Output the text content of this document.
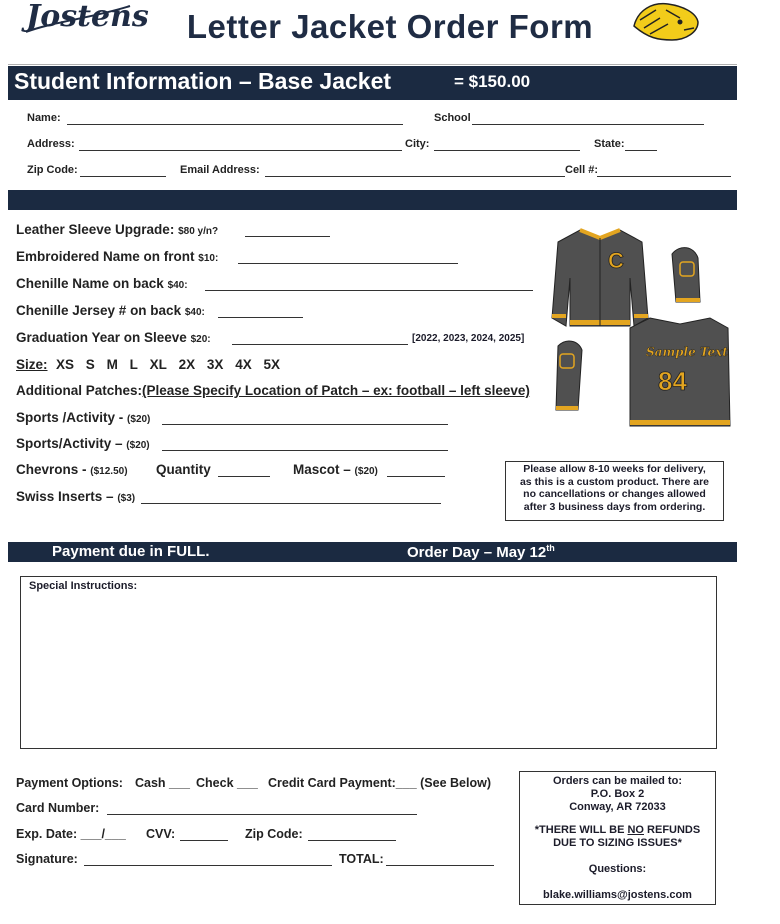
Jostens	Letter Jacket Order Form
Student Information – Base Jacket	= $150.00
Name:	School
Address:	City:	State:
Zip Code:	Email Address:	Cell #:
Leather Sleeve Upgrade: $80 y/n?
Embroidered Name on front $10:
Chenille Name on back $40:
Chenille Jersey # on back $40:
Graduation Year on Sleeve $20:	[2022, 2023, 2024, 2025]
Size: XS S M L XL 2X 3X 4X 5X
Additional Patches:(Please Specify Location of Patch – ex: football – left sleeve)
Sports /Activity - ($20)
Sports/Activity – ($20)
Chevrons - ($12.50) Quantity	Mascot – ($20)
Swiss Inserts – ($3)
C
Sample Text
84
Please allow 8-10 weeks for delivery,
as this is a custom product. There are
no cancellations or changes allowed
after 3 business days from ordering.
Payment due in FULL.	Order Day – May 12th
Special Instructions:
Payment Options: Cash ___ Check ___ Credit Card Payment:___ (See Below)
Card Number:
Exp. Date: ___/___ CVV:	Zip Code:
Signature:	TOTAL:
Orders can be mailed to:
P.O. Box 2
Conway, AR 72033
*THERE WILL BE NO REFUNDS
DUE TO SIZING ISSUES*
Questions:
blake.williams@jostens.com
